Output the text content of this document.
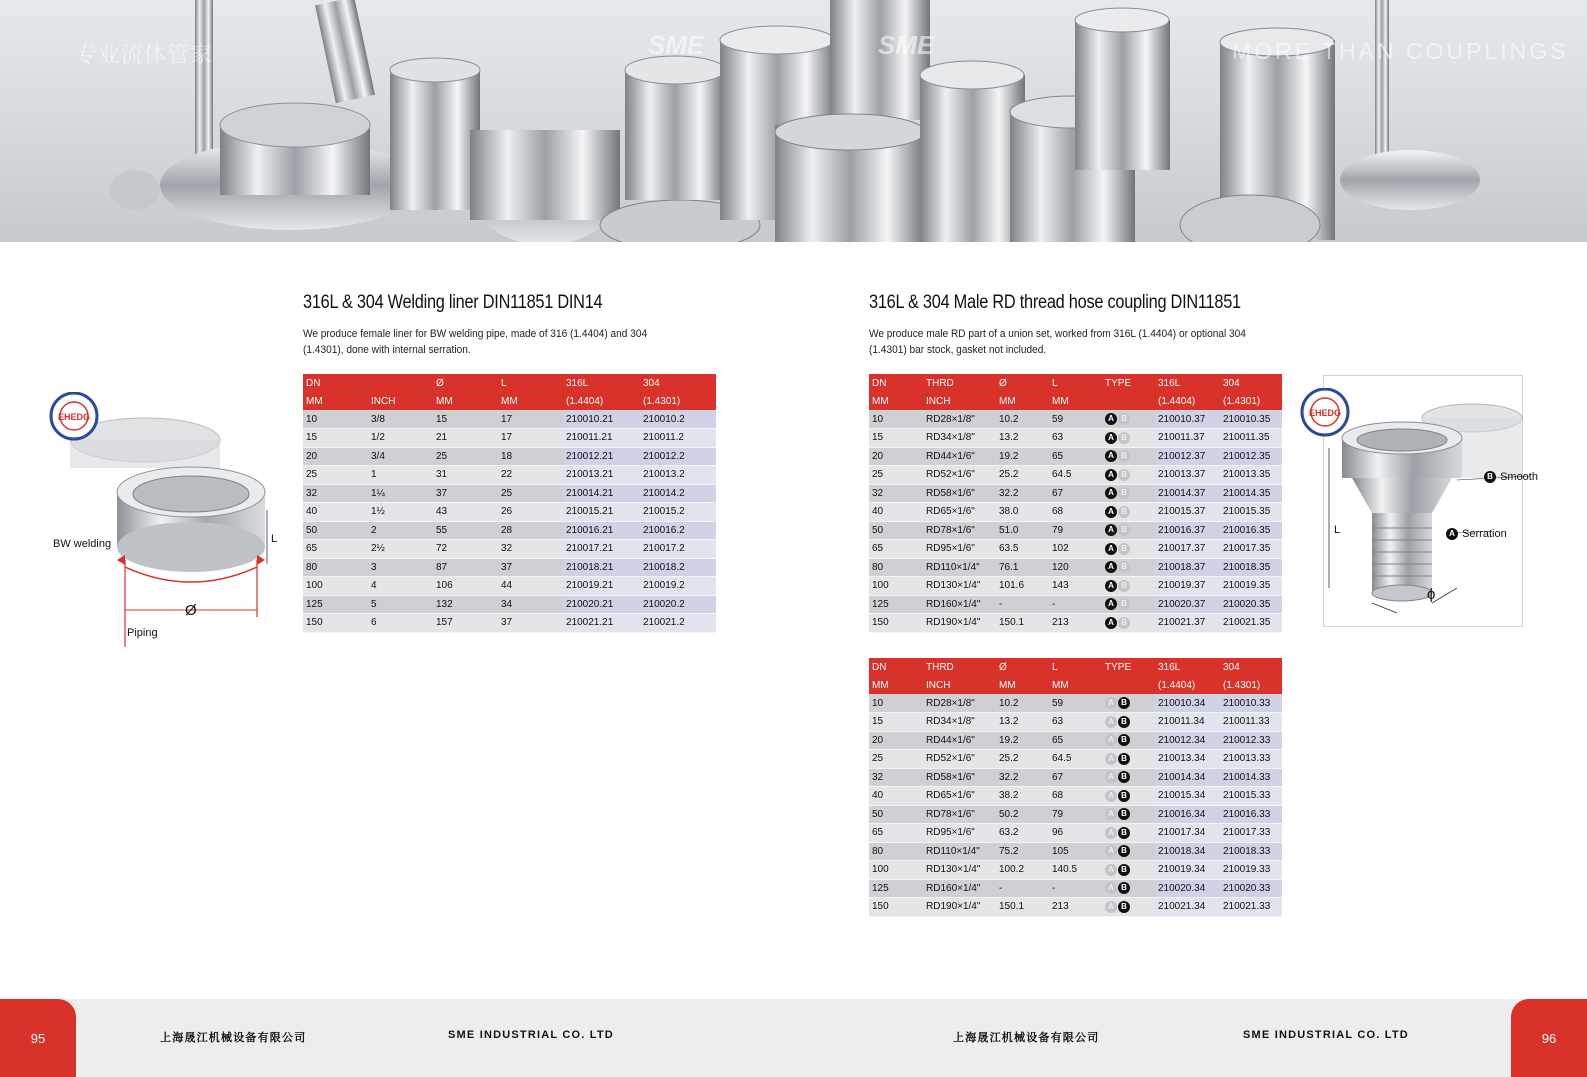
专业流体管家	SME	SME	MORE THAN COUPLINGS
316L & 304 Welding liner DIN11851 DIN14
We produce female liner for BW welding pipe, made of 316 (1.4404) and 304 (1.4301), done with internal serration.
DN		Ø	L	316L	304
MM	INCH	MM	MM	(1.4404)	(1.4301)
10	3/8	15	17	210010.21	210010.2
15	1/2	21	17	210011.21	210011.2
20	3/4	25	18	210012.21	210012.2
25	1	31	22	210013.21	210013.2
32	1¼	37	25	210014.21	210014.2
40	1½	43	26	210015.21	210015.2
50	2	55	28	210016.21	210016.2
65	2½	72	32	210017.21	210017.2
80	3	87	37	210018.21	210018.2
100	4	106	44	210019.21	210019.2
125	5	132	34	210020.21	210020.2
150	6	157	37	210021.21	210021.2
EHEDG
BW welding
Piping
L
Ø
316L & 304 Male RD thread hose coupling DIN11851
We produce male RD part of a union set, worked from 316L (1.4404) or optional 304 (1.4301) bar stock, gasket not included.
DN	THRD	Ø	L	TYPE	316L	304
MM	INCH	MM	MM		(1.4404)	(1.4301)
10	RD28×1/8"	10.2	59	A B	210010.37	210010.35
15	RD34×1/8"	13.2	63	A B	210011.37	210011.35
20	RD44×1/6"	19.2	65	A B	210012.37	210012.35
25	RD52×1/6"	25.2	64.5	A B	210013.37	210013.35
32	RD58×1/6"	32.2	67	A B	210014.37	210014.35
40	RD65×1/6"	38.0	68	A B	210015.37	210015.35
50	RD78×1/6"	51.0	79	A B	210016.37	210016.35
65	RD95×1/6"	63.5	102	A B	210017.37	210017.35
80	RD110×1/4"	76.1	120	A B	210018.37	210018.35
100	RD130×1/4"	101.6	143	A B	210019.37	210019.35
125	RD160×1/4"	-	-	A B	210020.37	210020.35
150	RD190×1/4"	150.1	213	A B	210021.37	210021.35
DN	THRD	Ø	L	TYPE	316L	304
MM	INCH	MM	MM		(1.4404)	(1.4301)
10	RD28×1/8"	10.2	59	A B	210010.34	210010.33
15	RD34×1/8"	13.2	63	A B	210011.34	210011.33
20	RD44×1/6"	19.2	65	A B	210012.34	210012.33
25	RD52×1/6"	25.2	64.5	A B	210013.34	210013.33
32	RD58×1/6"	32.2	67	A B	210014.34	210014.33
40	RD65×1/6"	38.2	68	A B	210015.34	210015.33
50	RD78×1/6"	50.2	79	A B	210016.34	210016.33
65	RD95×1/6"	63.2	96	A B	210017.34	210017.33
80	RD110×1/4"	75.2	105	A B	210018.34	210018.33
100	RD130×1/4"	100.2	140.5	A B	210019.34	210019.33
125	RD160×1/4"	-	-	A B	210020.34	210020.33
150	RD190×1/4"	150.1	213	A B	210021.34	210021.33
EHEDG
B Smooth
A Serration
L
ϕ
95	上海晟江机械设备有限公司	SME INDUSTRIAL CO. LTD	上海晟江机械设备有限公司	SME INDUSTRIAL CO. LTD	96
